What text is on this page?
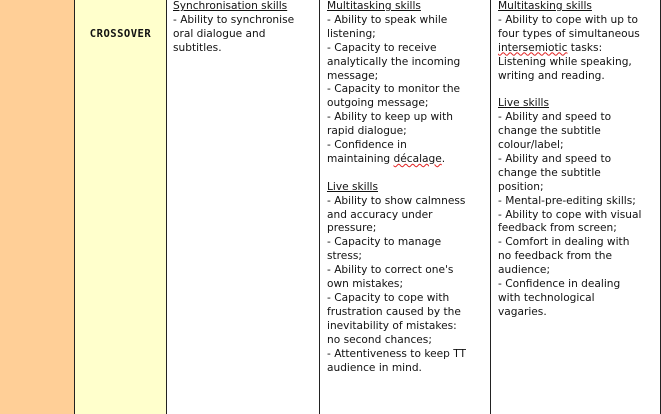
CROSSOVER
Synchronisation skills
- Ability to synchronise
oral dialogue and
subtitles.
Multitasking skills
- Ability to speak while
listening;
- Capacity to receive
analytically the incoming
message;
- Capacity to monitor the
outgoing message;
- Ability to keep up with
rapid dialogue;
- Confidence in
maintaining décalage.
Live skills
- Ability to show calmness
and accuracy under
pressure;
- Capacity to manage
stress;
- Ability to correct one's
own mistakes;
- Capacity to cope with
frustration caused by the
inevitability of mistakes:
no second chances;
- Attentiveness to keep TT
audience in mind.
Multitasking skills
- Ability to cope with up to
four types of simultaneous
intersemiotic tasks:
Listening while speaking,
writing and reading.
Live skills
- Ability and speed to
change the subtitle
colour/label;
- Ability and speed to
change the subtitle
position;
- Mental-pre-editing skills;
- Ability to cope with visual
feedback from screen;
- Comfort in dealing with
no feedback from the
audience;
- Confidence in dealing
with technological
vagaries.
